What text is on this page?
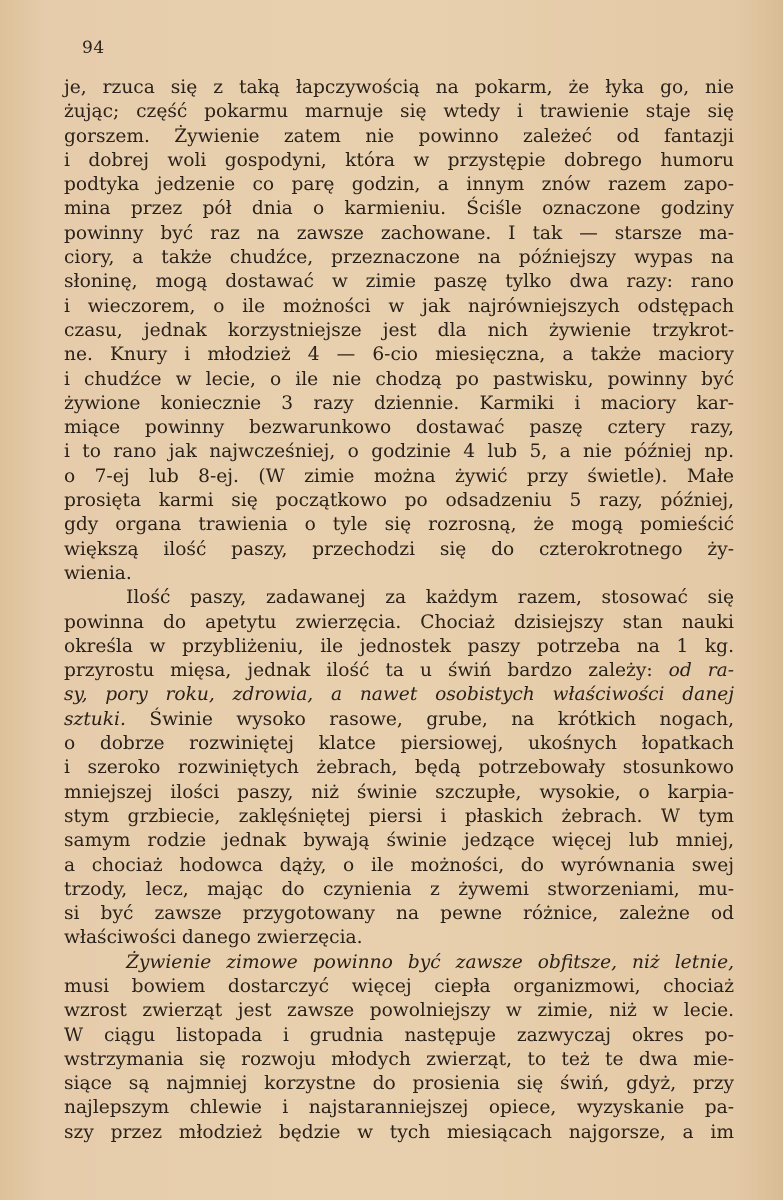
94

je, rzuca się z taką łapczywością na pokarm, że łyka go, nie
żując; część pokarmu marnuje się wtedy i trawienie staje się
gorszem. Żywienie zatem nie powinno zależeć od fantazji
i dobrej woli gospodyni, która w przystępie dobrego humoru
podtyka jedzenie co parę godzin, a innym znów razem zapo-
mina przez pół dnia o karmieniu. Ściśle oznaczone godziny
powinny być raz na zawsze zachowane. I tak — starsze ma-
ciory, a także chudźce, przeznaczone na późniejszy wypas na
słoninę, mogą dostawać w zimie paszę tylko dwa razy: rano
i wieczorem, o ile możności w jak najrówniejszych odstępach
czasu, jednak korzystniejsze jest dla nich żywienie trzykrot-
ne. Knury i młodzież 4 — 6-cio miesięczna, a także maciory
i chudźce w lecie, o ile nie chodzą po pastwisku, powinny być
żywione koniecznie 3 razy dziennie. Karmiki i maciory kar-
miące powinny bezwarunkowo dostawać paszę cztery razy,
i to rano jak najwcześniej, o godzinie 4 lub 5, a nie później np.
o 7-ej lub 8-ej. (W zimie można żywić przy świetle). Małe
prosięta karmi się początkowo po odsadzeniu 5 razy, później,
gdy organa trawienia o tyle się rozrosną, że mogą pomieścić
większą ilość paszy, przechodzi się do czterokrotnego ży-
wienia.

Ilość paszy, zadawanej za każdym razem, stosować się
powinna do apetytu zwierzęcia. Chociaż dzisiejszy stan nauki
określa w przybliżeniu, ile jednostek paszy potrzeba na 1 kg.
przyrostu mięsa, jednak ilość ta u świń bardzo zależy: od ra-
sy, pory roku, zdrowia, a nawet osobistych właściwości danej
sztuki. Świnie wysoko rasowe, grube, na krótkich nogach,
o dobrze rozwiniętej klatce piersiowej, ukośnych łopatkach
i szeroko rozwiniętych żebrach, będą potrzebowały stosunkowo
mniejszej ilości paszy, niż świnie szczupłe, wysokie, o karpia-
stym grzbiecie, zaklęśniętej piersi i płaskich żebrach. W tym
samym rodzie jednak bywają świnie jedzące więcej lub mniej,
a chociaż hodowca dąży, o ile możności, do wyrównania swej
trzody, lecz, mając do czynienia z żywemi stworzeniami, mu-
si być zawsze przygotowany na pewne różnice, zależne od
właściwości danego zwierzęcia.

Żywienie zimowe powinno być zawsze obfitsze, niż letnie,
musi bowiem dostarczyć więcej ciepła organizmowi, chociaż
wzrost zwierząt jest zawsze powolniejszy w zimie, niż w lecie.
W ciągu listopada i grudnia następuje zazwyczaj okres po-
wstrzymania się rozwoju młodych zwierząt, to też te dwa mie-
siące są najmniej korzystne do prosienia się świń, gdyż, przy
najlepszym chlewie i najstaranniejszej opiece, wyzyskanie pa-
szy przez młodzież będzie w tych miesiącach najgorsze, a im
